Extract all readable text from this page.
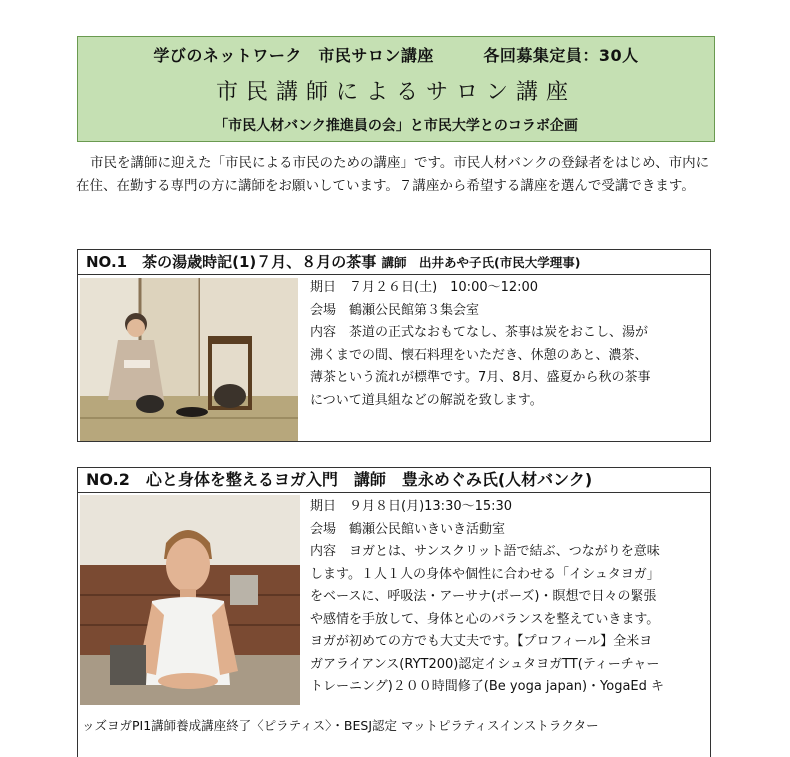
学びのネットワーク　市民サロン講座　　　各回募集定員：30人
市民講師によるサロン講座
「市民人材バンク推進員の会」と市民大学とのコラボ企画
市民を講師に迎えた「市民による市民のための講座」です。市民人材バンクの登録者をはじめ、市内に在住、在勤する専門の方に講師をお願いしています。７講座から希望する講座を選んで受講できます。
NO.1　茶の湯歳時記(1)７月、８月の茶事 講師　出井あや子氏(市民大学理事)
期日　７月２６日(土)　10:00～12:00
会場　鶴瀬公民館第３集会室
内容　茶道の正式なおもてなし、茶事は炭をおこし、湯が
沸くまでの間、懐石料理をいただき、休憩のあと、濃茶、
薄茶という流れが標準です。7月、8月、盛夏から秋の茶事
について道具組などの解説を致します。
NO.2　心と身体を整えるヨガ入門　講師　豊永めぐみ氏(人材バンク)
期日　９月８日(月)13:30～15:30
会場　鶴瀬公民館いきいき活動室
内容　ヨガとは、サンスクリット語で結ぶ、つながりを意味
します。１人１人の身体や個性に合わせる「イシュタヨガ」
をベースに、呼吸法・アーサナ(ポーズ)・瞑想で日々の緊張
や感情を手放して、身体と心のバランスを整えていきます。
ヨガが初めての方でも大丈夫です。【プロフィール】全米ヨ
ガアライアンス(RYT200)認定イシュタヨガTT(ティーチャー
トレーニング)２００時間修了(Be yoga japan)・YogaEd キ
ッズヨガPI1講師養成講座終了〈ピラティス〉・BESJ認定 マットピラティスインストラクター
